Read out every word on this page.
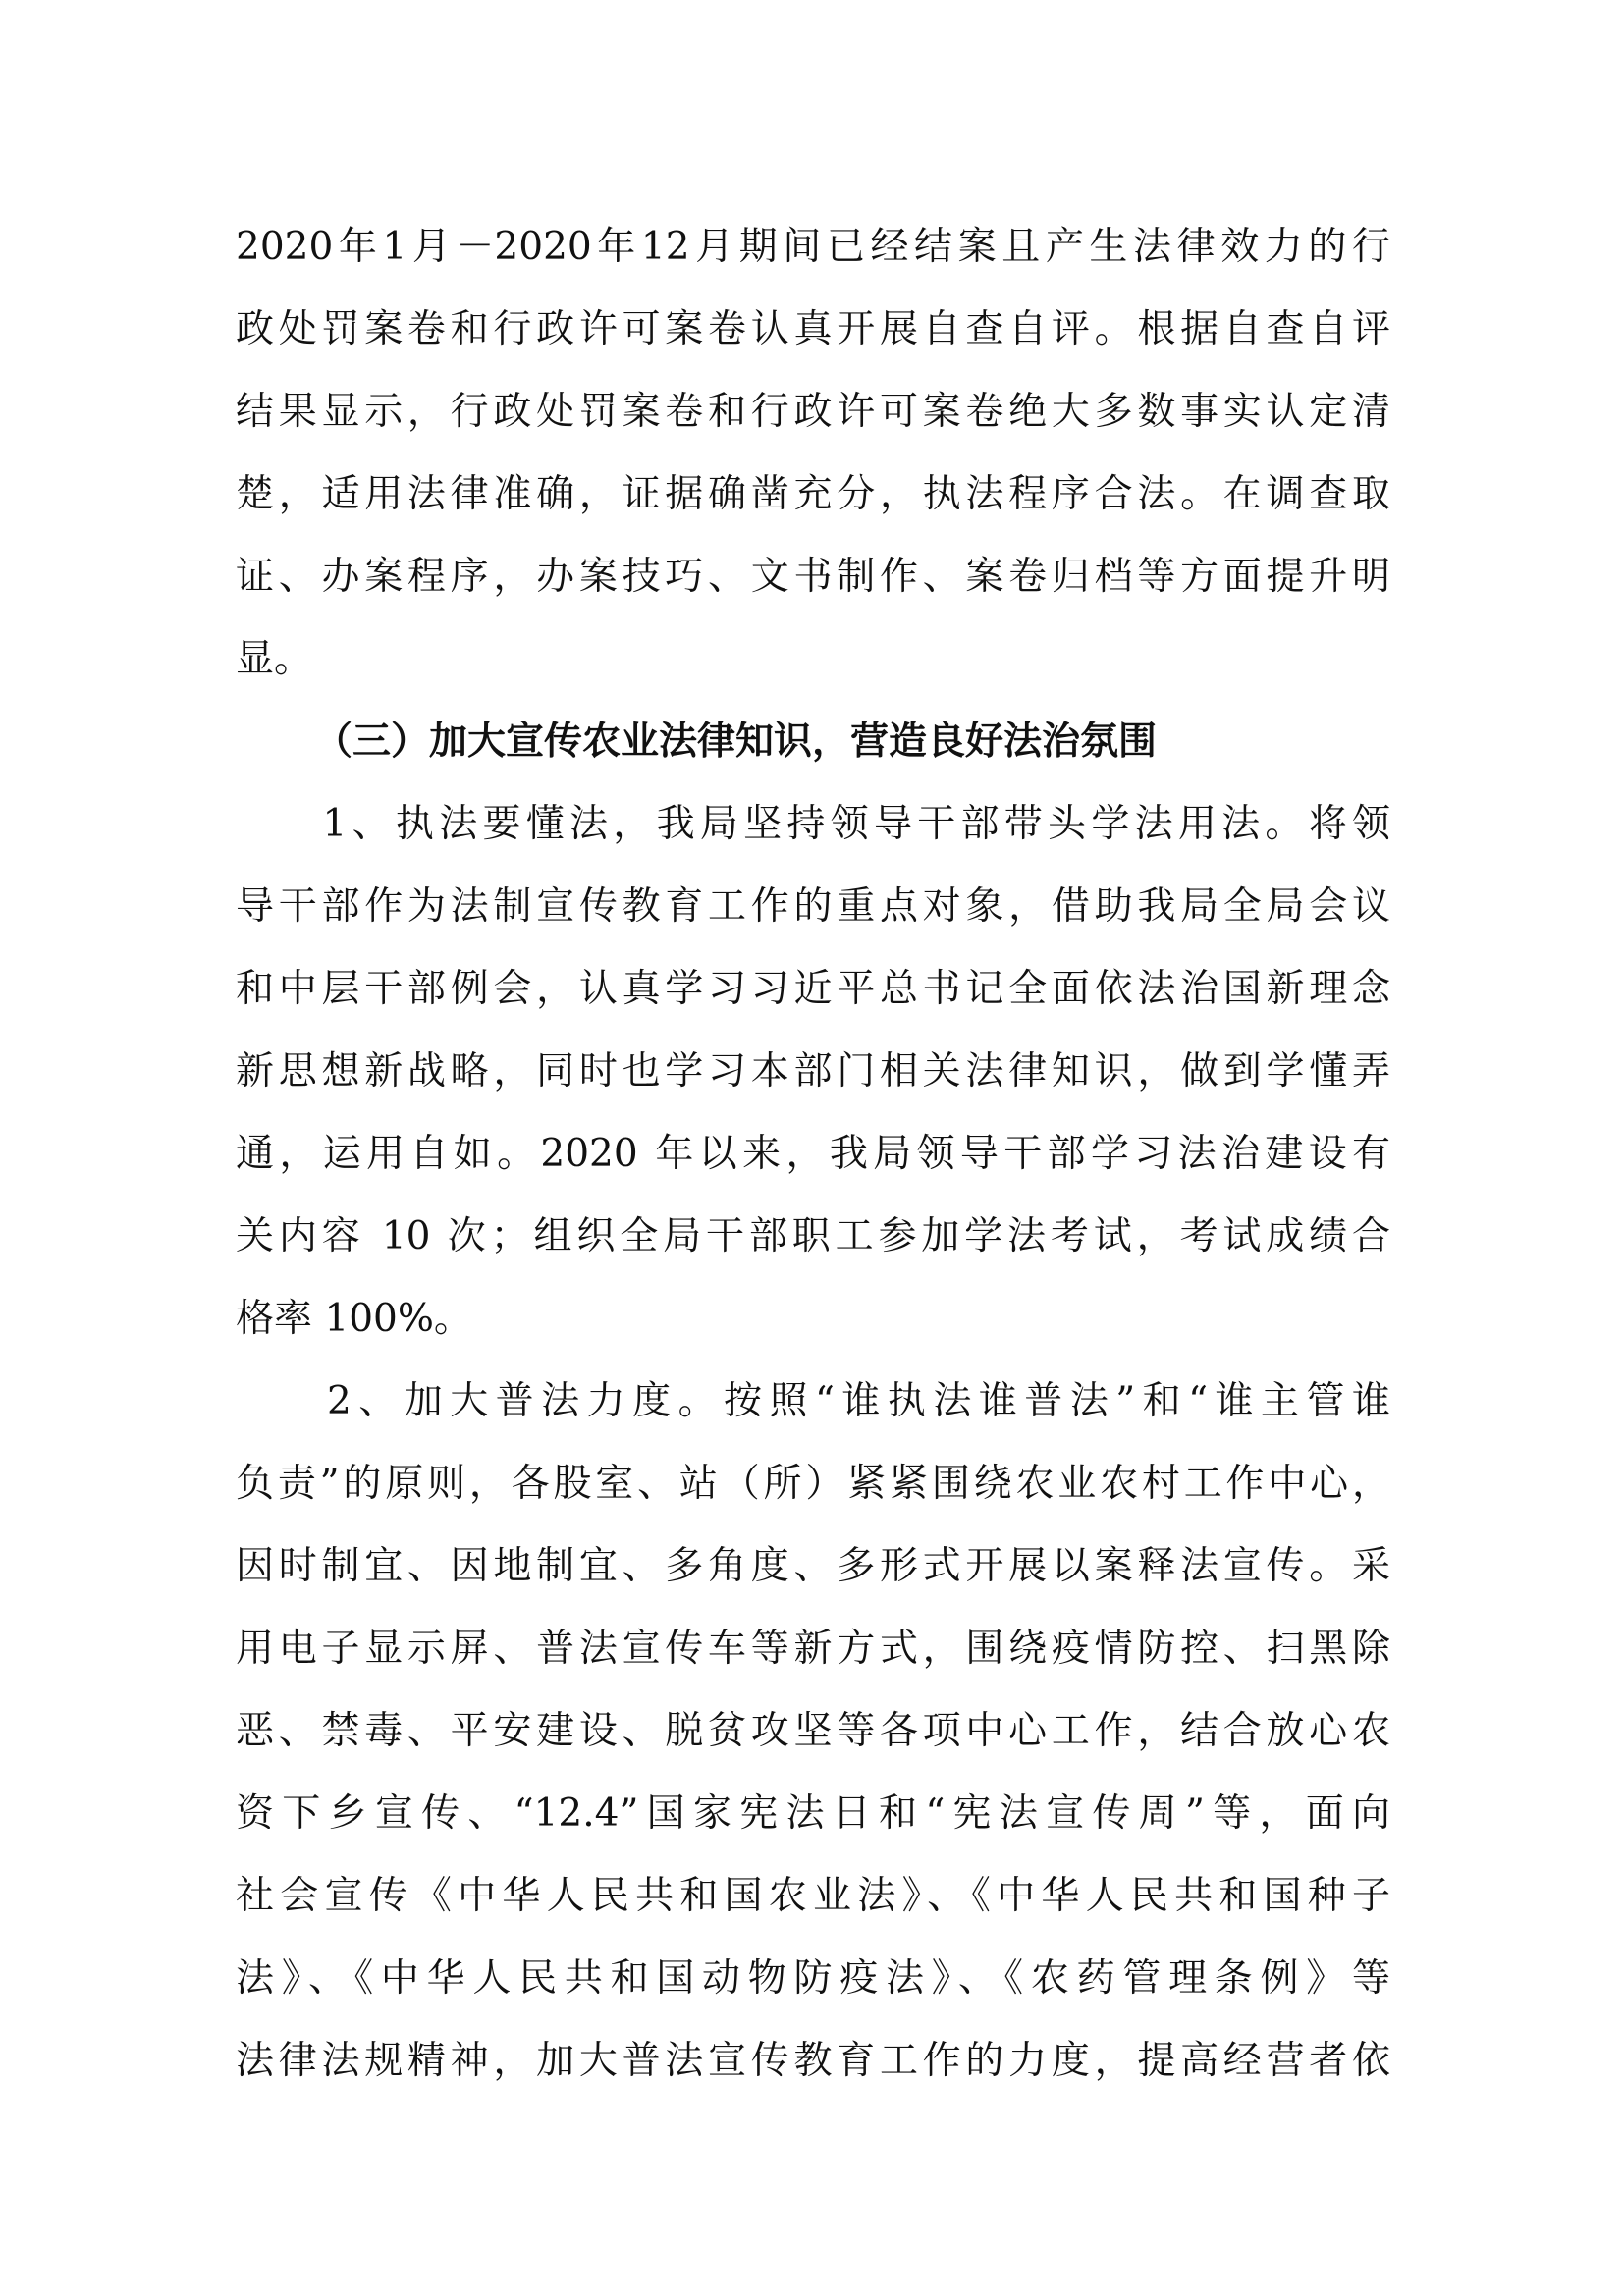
2020年1月－2020年12月期间已经结案且产生法律效力的行
政处罚案卷和行政许可案卷认真开展自查自评。根据自查自评
结果显示，行政处罚案卷和行政许可案卷绝大多数事实认定清
楚，适用法律准确，证据确凿充分，执法程序合法。在调查取
证、办案程序，办案技巧、文书制作、案卷归档等方面提升明
显。
（三）加大宣传农业法律知识，营造良好法治氛围
　　1、执法要懂法，我局坚持领导干部带头学法用法。将领
导干部作为法制宣传教育工作的重点对象，借助我局全局会议
和中层干部例会，认真学习习近平总书记全面依法治国新理念
新思想新战略，同时也学习本部门相关法律知识，做到学懂弄
通，运用自如。2020 年以来，我局领导干部学习法治建设有
关内容 10 次；组织全局干部职工参加学法考试，考试成绩合
格率 100%。
　　2、加大普法力度。按照“谁执法谁普法”和“谁主管谁
负责”的原则，各股室、站（所）紧紧围绕农业农村工作中心，
因时制宜、因地制宜、多角度、多形式开展以案释法宣传。采
用电子显示屏、普法宣传车等新方式，围绕疫情防控、扫黑除
恶、禁毒、平安建设、脱贫攻坚等各项中心工作，结合放心农
资下乡宣传、“12.4”国家宪法日和“宪法宣传周”等，面向
社会宣传《中华人民共和国农业法》、《中华人民共和国种子
法》、《中华人民共和国动物防疫法》、《农药管理条例》等
法律法规精神，加大普法宣传教育工作的力度，提高经营者依
